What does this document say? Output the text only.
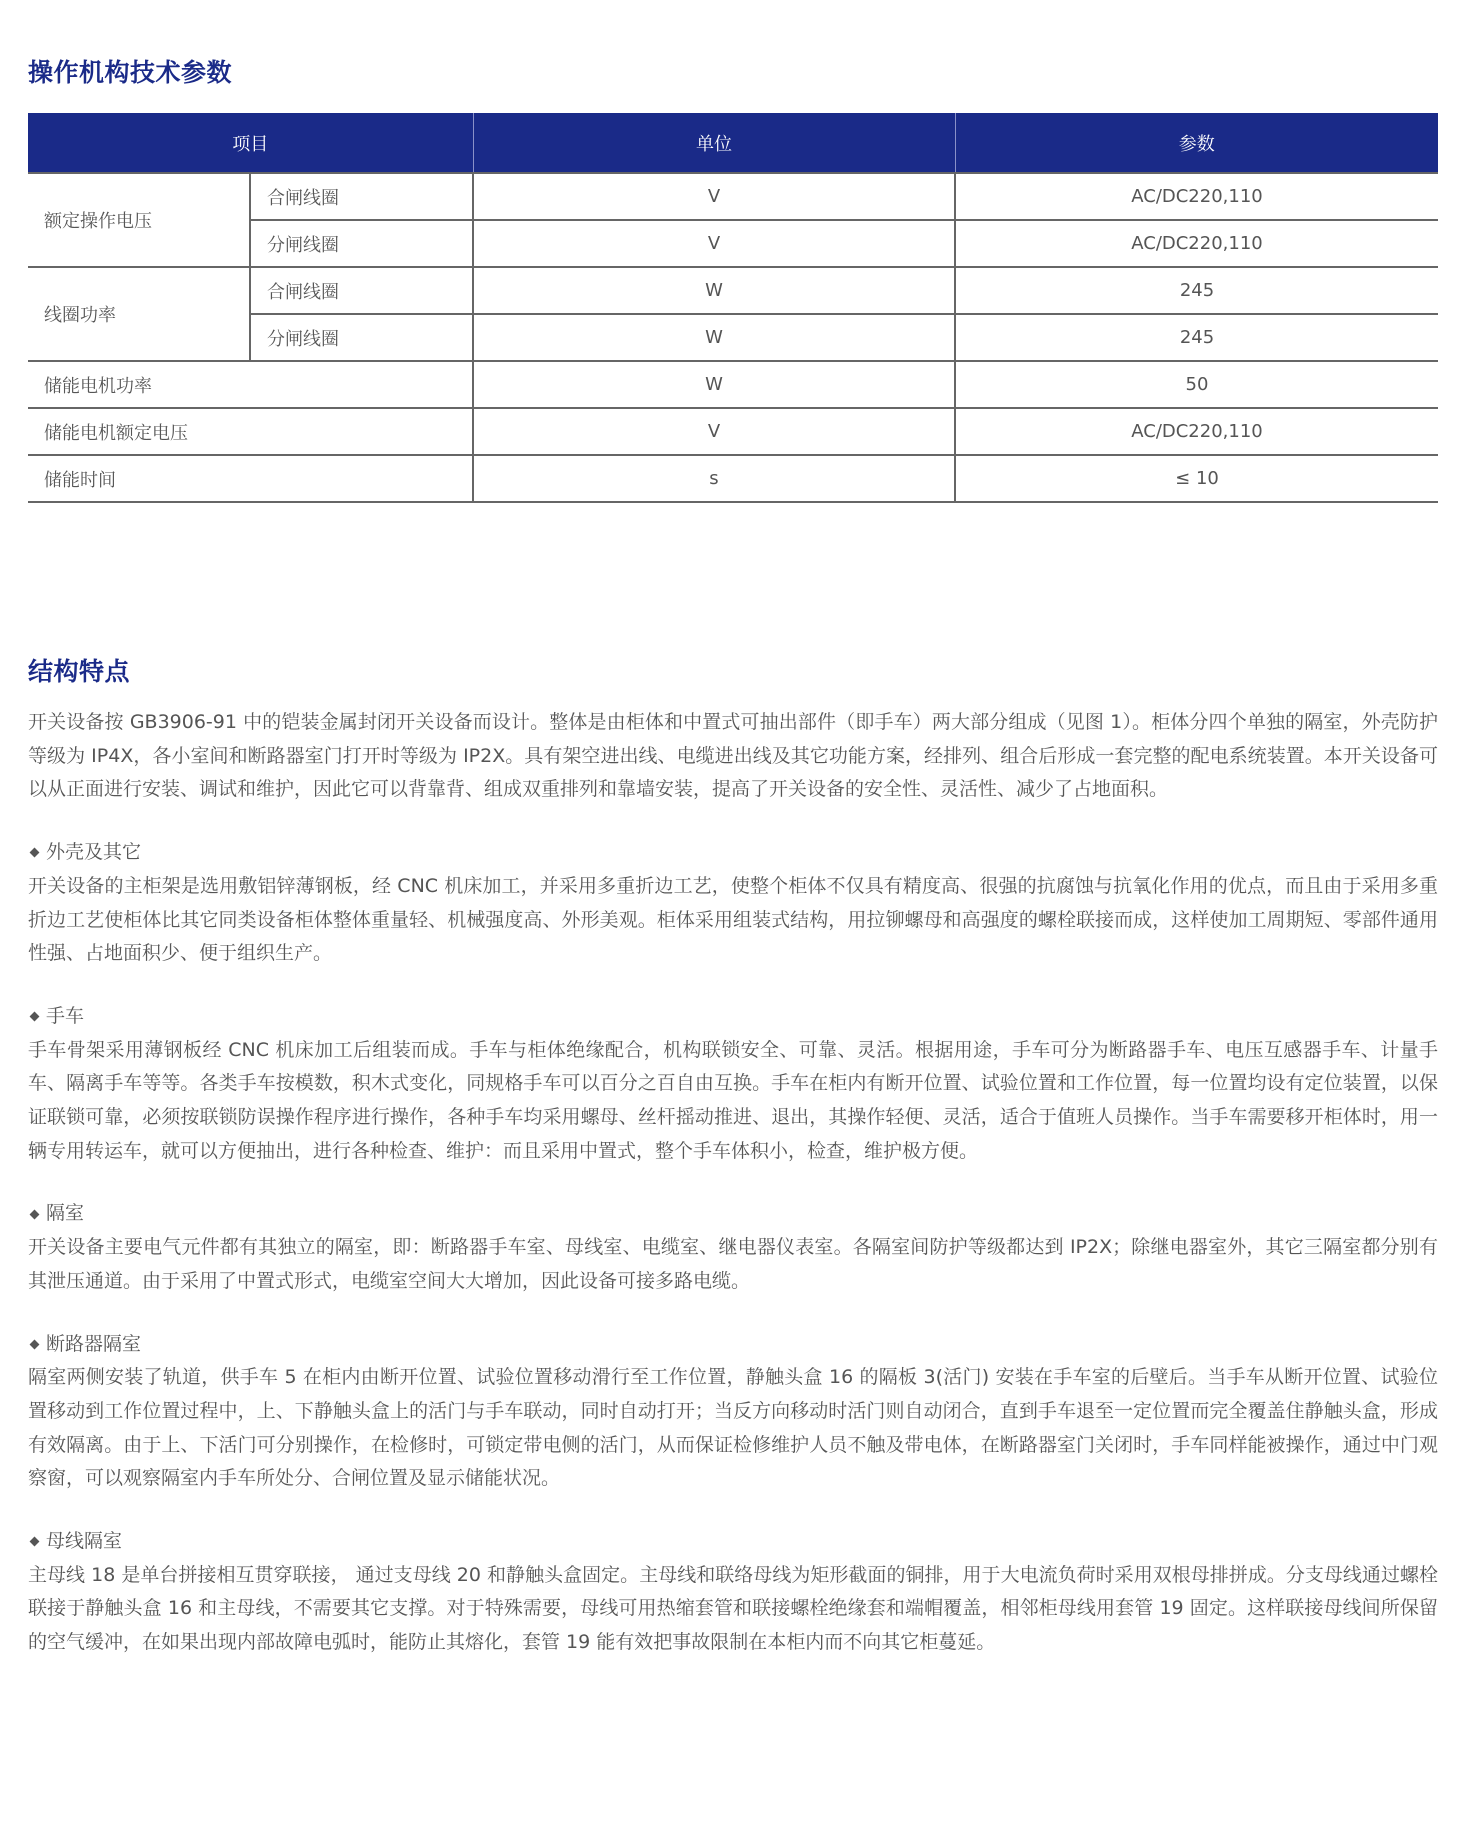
操作机构技术参数
项目		单位	参数
额定操作电压	合闸线圈	V	AC/DC220,110
	分闸线圈	V	AC/DC220,110
线圈功率	合闸线圈	W	245
	分闸线圈	W	245
储能电机功率		W	50
储能电机额定电压		V	AC/DC220,110
储能时间		s	≤ 10
结构特点

开关设备按 GB3906-91 中的铠装金属封闭开关设备而设计。整体是由柜体和中置式可抽出部件（即手车）两大部分组成（见图 1）。柜体分四个单独的隔室，外壳防护等级为 IP4X，各小室间和断路器室门打开时等级为 IP2X。具有架空进出线、电缆进出线及其它功能方案，经排列、组合后形成一套完整的配电系统装置。本开关设备可以从正面进行安装、调试和维护，因此它可以背靠背、组成双重排列和靠墙安装，提高了开关设备的安全性、灵活性、减少了占地面积。

外壳及其它

开关设备的主柜架是选用敷铝锌薄钢板，经 CNC 机床加工，并采用多重折边工艺，使整个柜体不仅具有精度高、很强的抗腐蚀与抗氧化作用的优点，而且由于采用多重折边工艺使柜体比其它同类设备柜体整体重量轻、机械强度高、外形美观。柜体采用组装式结构，用拉铆螺母和高强度的螺栓联接而成，这样使加工周期短、零部件通用性强、占地面积少、便于组织生产。

手车

手车骨架采用薄钢板经 CNC 机床加工后组装而成。手车与柜体绝缘配合，机构联锁安全、可靠、灵活。根据用途，手车可分为断路器手车、电压互感器手车、计量手车、隔离手车等等。各类手车按模数，积木式变化，同规格手车可以百分之百自由互换。手车在柜内有断开位置、试验位置和工作位置，每一位置均设有定位装置，以保证联锁可靠，必须按联锁防误操作程序进行操作，各种手车均采用螺母、丝杆摇动推进、退出，其操作轻便、灵活，适合于值班人员操作。当手车需要移开柜体时，用一辆专用转运车，就可以方便抽出，进行各种检查、维护：而且采用中置式，整个手车体积小，检查，维护极方便。

隔室

开关设备主要电气元件都有其独立的隔室，即：断路器手车室、母线室、电缆室、继电器仪表室。各隔室间防护等级都达到 IP2X；除继电器室外，其它三隔室都分别有其泄压通道。由于采用了中置式形式，电缆室空间大大增加，因此设备可接多路电缆。

断路器隔室

隔室两侧安装了轨道，供手车 5 在柜内由断开位置、试验位置移动滑行至工作位置，静触头盒 16 的隔板 3(活门) 安装在手车室的后壁后。当手车从断开位置、试验位置移动到工作位置过程中，上、下静触头盒上的活门与手车联动，同时自动打开；当反方向移动时活门则自动闭合，直到手车退至一定位置而完全覆盖住静触头盒，形成有效隔离。由于上、下活门可分别操作，在检修时，可锁定带电侧的活门，从而保证检修维护人员不触及带电体，在断路器室门关闭时，手车同样能被操作，通过中门观察窗，可以观察隔室内手车所处分、合闸位置及显示储能状况。

母线隔室

主母线 18 是单台拼接相互贯穿联接， 通过支母线 20 和静触头盒固定。主母线和联络母线为矩形截面的铜排，用于大电流负荷时采用双根母排拼成。分支母线通过螺栓联接于静触头盒 16 和主母线，不需要其它支撑。对于特殊需要，母线可用热缩套管和联接螺栓绝缘套和端帽覆盖，相邻柜母线用套管 19 固定。这样联接母线间所保留的空气缓冲，在如果出现内部故障电弧时，能防止其熔化，套管 19 能有效把事故限制在本柜内而不向其它柜蔓延。
